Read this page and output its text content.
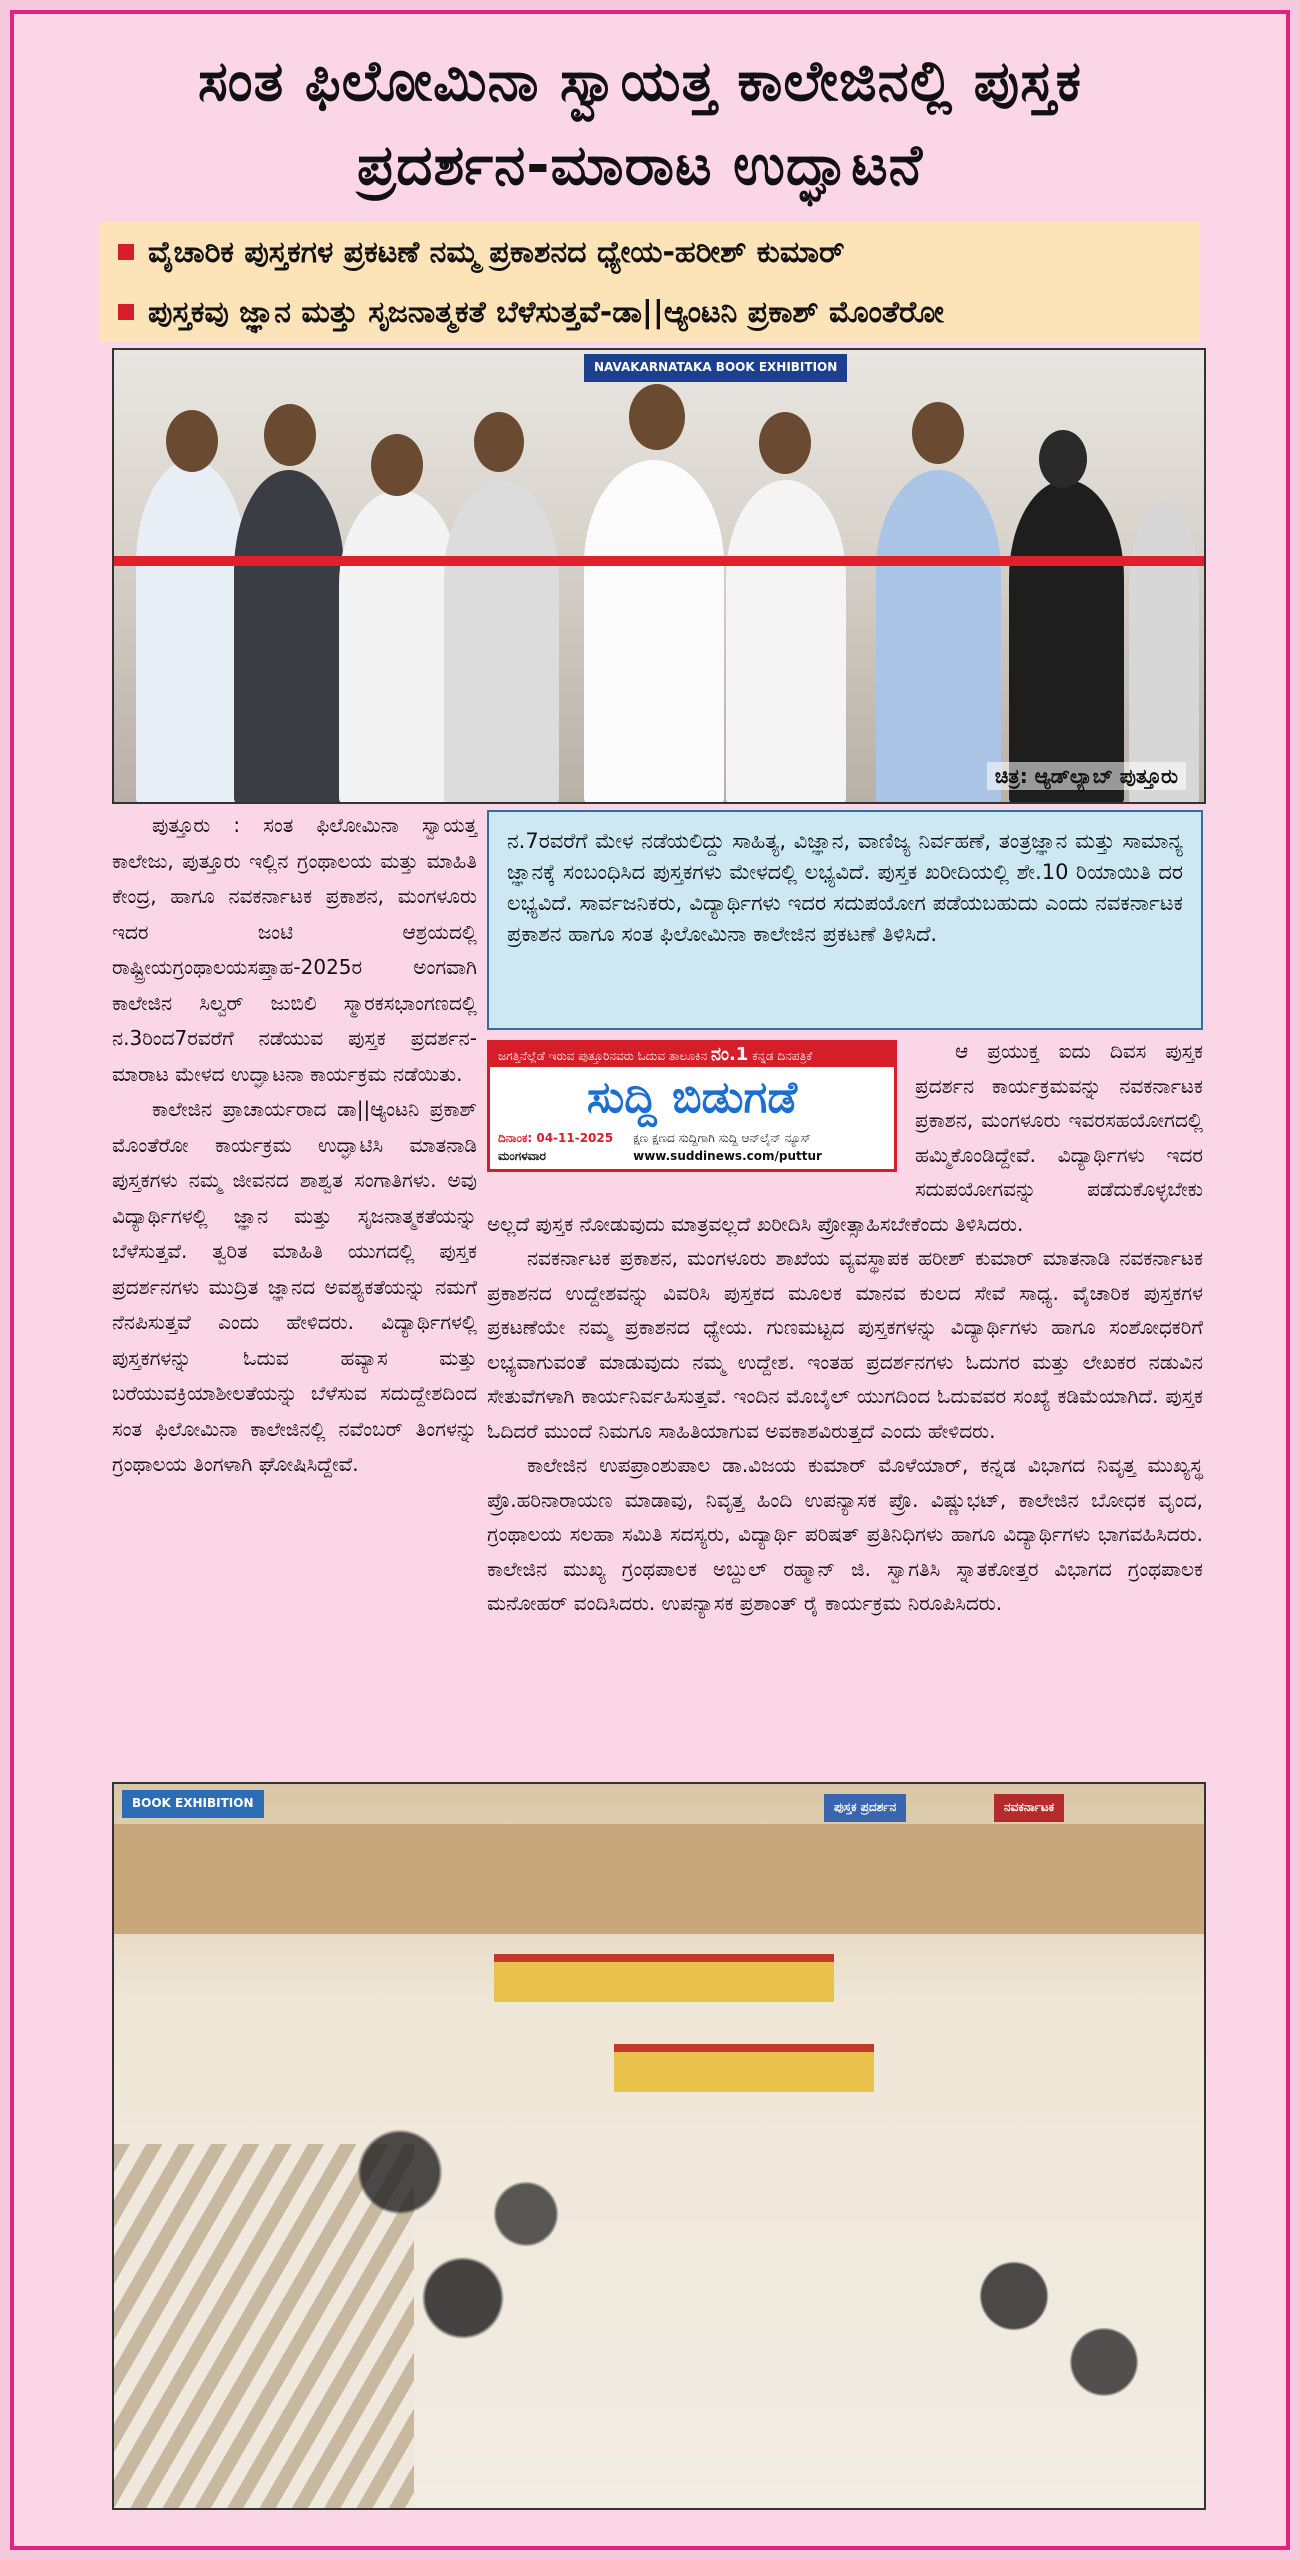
ಸಂತ ಫಿಲೋಮಿನಾ ಸ್ವಾಯತ್ತ ಕಾಲೇಜಿನಲ್ಲಿ ಪುಸ್ತಕ
ಪ್ರದರ್ಶನ-ಮಾರಾಟ ಉದ್ಘಾಟನೆ
ವೈಚಾರಿಕ ಪುಸ್ತಕಗಳ ಪ್ರಕಟಣೆ ನಮ್ಮ ಪ್ರಕಾಶನದ ಧ್ಯೇಯ-ಹರೀಶ್ ಕುಮಾರ್
ಪುಸ್ತಕವು ಜ್ಞಾನ ಮತ್ತು ಸೃಜನಾತ್ಮಕತೆ ಬೆಳೆಸುತ್ತವೆ-ಡಾ||ಆ್ಯಂಟನಿ ಪ್ರಕಾಶ್ ಮೊಂತೆರೋ
NAVAKARNATAKA BOOK EXHIBITION
ಚಿತ್ರ: ಆ್ಯಡ್‌ಲ್ಯಾಬ್ ಪುತ್ತೂರು

ಪುತ್ತೂರು : ಸಂತ ಫಿಲೋಮಿನಾ ಸ್ವಾಯತ್ತ ಕಾಲೇಜು, ಪುತ್ತೂರು ಇಲ್ಲಿನ ಗ್ರಂಥಾಲಯ ಮತ್ತು ಮಾಹಿತಿ ಕೇಂದ್ರ, ಹಾಗೂ ನವಕರ್ನಾಟಕ ಪ್ರಕಾಶನ, ಮಂಗಳೂರು ಇದರ ಜಂಟಿ ಆಶ್ರಯದಲ್ಲಿ ರಾಷ್ಟ್ರೀಯಗ್ರಂಥಾಲಯಸಪ್ತಾಹ-2025ರ ಅಂಗವಾಗಿ ಕಾಲೇಜಿನ ಸಿಲ್ವರ್ ಜುಬಿಲಿ ಸ್ಮಾರಕಸಭಾಂಗಣದಲ್ಲಿ ನ.3ರಿಂದ7ರವರೆಗೆ ನಡೆಯುವ ಪುಸ್ತಕ ಪ್ರದರ್ಶನ-ಮಾರಾಟ ಮೇಳದ ಉದ್ಘಾಟನಾ ಕಾರ್ಯಕ್ರಮ ನಡೆಯಿತು.

ಕಾಲೇಜಿನ ಪ್ರಾಚಾರ್ಯರಾದ ಡಾ||ಆ್ಯಂಟನಿ ಪ್ರಕಾಶ್ ಮೊಂತೆರೋ ಕಾರ್ಯಕ್ರಮ ಉದ್ಘಾಟಿಸಿ ಮಾತನಾಡಿ ಪುಸ್ತಕಗಳು ನಮ್ಮ ಜೀವನದ ಶಾಶ್ವತ ಸಂಗಾತಿಗಳು. ಅವು ವಿದ್ಯಾರ್ಥಿಗಳಲ್ಲಿ ಜ್ಞಾನ ಮತ್ತು ಸೃಜನಾತ್ಮಕತೆಯನ್ನು ಬೆಳೆಸುತ್ತವೆ. ತ್ವರಿತ ಮಾಹಿತಿ ಯುಗದಲ್ಲಿ ಪುಸ್ತಕ ಪ್ರದರ್ಶನಗಳು ಮುದ್ರಿತ ಜ್ಞಾನದ ಅವಶ್ಯಕತೆಯನ್ನು ನಮಗೆ ನೆನಪಿಸುತ್ತವೆ ಎಂದು ಹೇಳಿದರು. ವಿದ್ಯಾರ್ಥಿಗಳಲ್ಲಿ ಪುಸ್ತಕಗಳನ್ನು ಓದುವ ಹವ್ಯಾಸ ಮತ್ತು ಬರೆಯುವಕ್ರಿಯಾಶೀಲತೆಯನ್ನು ಬೆಳೆಸುವ ಸದುದ್ದೇಶದಿಂದ ಸಂತ ಫಿಲೋಮಿನಾ ಕಾಲೇಜಿನಲ್ಲಿ ನವೆಂಬರ್ ತಿಂಗಳನ್ನು ಗ್ರಂಥಾಲಯ ತಿಂಗಳಾಗಿ ಘೋಷಿಸಿದ್ದೇವೆ.

ನ.7ರವರೆಗೆ ಮೇಳ ನಡೆಯಲಿದ್ದು ಸಾಹಿತ್ಯ, ವಿಜ್ಞಾನ, ವಾಣಿಜ್ಯ ನಿರ್ವಹಣೆ, ತಂತ್ರಜ್ಞಾನ ಮತ್ತು ಸಾಮಾನ್ಯ ಜ್ಞಾನಕ್ಕೆ ಸಂಬಂಧಿಸಿದ ಪುಸ್ತಕಗಳು ಮೇಳದಲ್ಲಿ ಲಭ್ಯವಿದೆ. ಪುಸ್ತಕ ಖರೀದಿಯಲ್ಲಿ ಶೇ.10 ರಿಯಾಯಿತಿ ದರ ಲಭ್ಯವಿದೆ. ಸಾರ್ವಜನಿಕರು, ವಿದ್ಯಾರ್ಥಿಗಳು ಇದರ ಸದುಪಯೋಗ ಪಡೆಯಬಹುದು ಎಂದು ನವಕರ್ನಾಟಕ ಪ್ರಕಾಶನ ಹಾಗೂ ಸಂತ ಫಿಲೋಮಿನಾ ಕಾಲೇಜಿನ ಪ್ರಕಟಣೆ ತಿಳಿಸಿದೆ.
ಜಗತ್ತಿನೆಲ್ಲೆಡೆ ಇರುವ ಪುತ್ತೂರಿನವರು ಓದುವ ತಾಲೂಕಿನ ನಂ.1 ಕನ್ನಡ ದಿನಪತ್ರಿಕೆ
ಸುದ್ದಿ ಬಿಡುಗಡೆ
ದಿನಾಂಕ: 04-11-2025
ಮಂಗಳವಾರ
ಕ್ಷಣ ಕ್ಷಣದ ಸುದ್ದಿಗಾಗಿ ಸುದ್ದಿ ಆನ್‌ಲೈನ್ ನ್ಯೂಸ್
www.suddinews.com/puttur

ಆ ಪ್ರಯುಕ್ತ ಐದು ದಿವಸ ಪುಸ್ತಕ ಪ್ರದರ್ಶನ ಕಾರ್ಯಕ್ರಮವನ್ನು ನವಕರ್ನಾಟಕ ಪ್ರಕಾಶನ, ಮಂಗಳೂರು ಇವರಸಹಯೋಗದಲ್ಲಿ ಹಮ್ಮಿಕೊಂಡಿದ್ದೇವೆ. ವಿದ್ಯಾರ್ಥಿಗಳು ಇದರ ಸದುಪಯೋಗವನ್ನು ಪಡೆದುಕೊಳ್ಳಬೇಕು ಅಲ್ಲದೆ ಪುಸ್ತಕ ನೋಡುವುದು ಮಾತ್ರವಲ್ಲದೆ ಖರೀದಿಸಿ ಪ್ರೋತ್ಸಾಹಿಸಬೇಕೆಂದು ತಿಳಿಸಿದರು.

ನವಕರ್ನಾಟಕ ಪ್ರಕಾಶನ, ಮಂಗಳೂರು ಶಾಖೆಯ ವ್ಯವಸ್ಥಾಪಕ ಹರೀಶ್ ಕುಮಾರ್ ಮಾತನಾಡಿ ನವಕರ್ನಾಟಕ ಪ್ರಕಾಶನದ ಉದ್ದೇಶವನ್ನು ವಿವರಿಸಿ ಪುಸ್ತಕದ ಮೂಲಕ ಮಾನವ ಕುಲದ ಸೇವೆ ಸಾಧ್ಯ. ವೈಚಾರಿಕ ಪುಸ್ತಕಗಳ ಪ್ರಕಟಣೆಯೇ ನಮ್ಮ ಪ್ರಕಾಶನದ ಧ್ಯೇಯ. ಗುಣಮಟ್ಟದ ಪುಸ್ತಕಗಳನ್ನು ವಿದ್ಯಾರ್ಥಿಗಳು ಹಾಗೂ ಸಂಶೋಧಕರಿಗೆ ಲಭ್ಯವಾಗುವಂತೆ ಮಾಡುವುದು ನಮ್ಮ ಉದ್ದೇಶ. ಇಂತಹ ಪ್ರದರ್ಶನಗಳು ಓದುಗರ ಮತ್ತು ಲೇಖಕರ ನಡುವಿನ ಸೇತುವೆಗಳಾಗಿ ಕಾರ್ಯನಿರ್ವಹಿಸುತ್ತವೆ. ಇಂದಿನ ಮೊಬೈಲ್ ಯುಗದಿಂದ ಓದುವವರ ಸಂಖ್ಯೆ ಕಡಿಮೆಯಾಗಿದೆ. ಪುಸ್ತಕ ಓದಿದರೆ ಮುಂದೆ ನಿಮಗೂ ಸಾಹಿತಿಯಾಗುವ ಅವಕಾಶವಿರುತ್ತದೆ ಎಂದು ಹೇಳಿದರು.

ಕಾಲೇಜಿನ ಉಪಪ್ರಾಂಶುಪಾಲ ಡಾ.ವಿಜಯ ಕುಮಾರ್ ಮೊಳೆಯಾರ್, ಕನ್ನಡ ವಿಭಾಗದ ನಿವೃತ್ತ ಮುಖ್ಯಸ್ಥ ಪ್ರೊ.ಹರಿನಾರಾಯಣ ಮಾಡಾವು, ನಿವೃತ್ತ ಹಿಂದಿ ಉಪನ್ಯಾಸಕ ಪ್ರೊ. ವಿಷ್ಣುಭಟ್, ಕಾಲೇಜಿನ ಬೋಧಕ ವೃಂದ, ಗ್ರಂಥಾಲಯ ಸಲಹಾ ಸಮಿತಿ ಸದಸ್ಯರು, ವಿದ್ಯಾರ್ಥಿ ಪರಿಷತ್ ಪ್ರತಿನಿಧಿಗಳು ಹಾಗೂ ವಿದ್ಯಾರ್ಥಿಗಳು ಭಾಗವಹಿಸಿದರು. ಕಾಲೇಜಿನ ಮುಖ್ಯ ಗ್ರಂಥಪಾಲಕ ಅಬ್ದುಲ್ ರಹ್ಮಾನ್ ಜಿ. ಸ್ವಾಗತಿಸಿ ಸ್ನಾತಕೋತ್ತರ ವಿಭಾಗದ ಗ್ರಂಥಪಾಲಕ ಮನೋಹರ್ ವಂದಿಸಿದರು. ಉಪನ್ಯಾಸಕ ಪ್ರಶಾಂತ್ ರೈ ಕಾರ್ಯಕ್ರಮ ನಿರೂಪಿಸಿದರು.

BOOK EXHIBITION	ಪುಸ್ತಕ ಪ್ರದರ್ಶನ	ನವಕರ್ನಾಟಕ
